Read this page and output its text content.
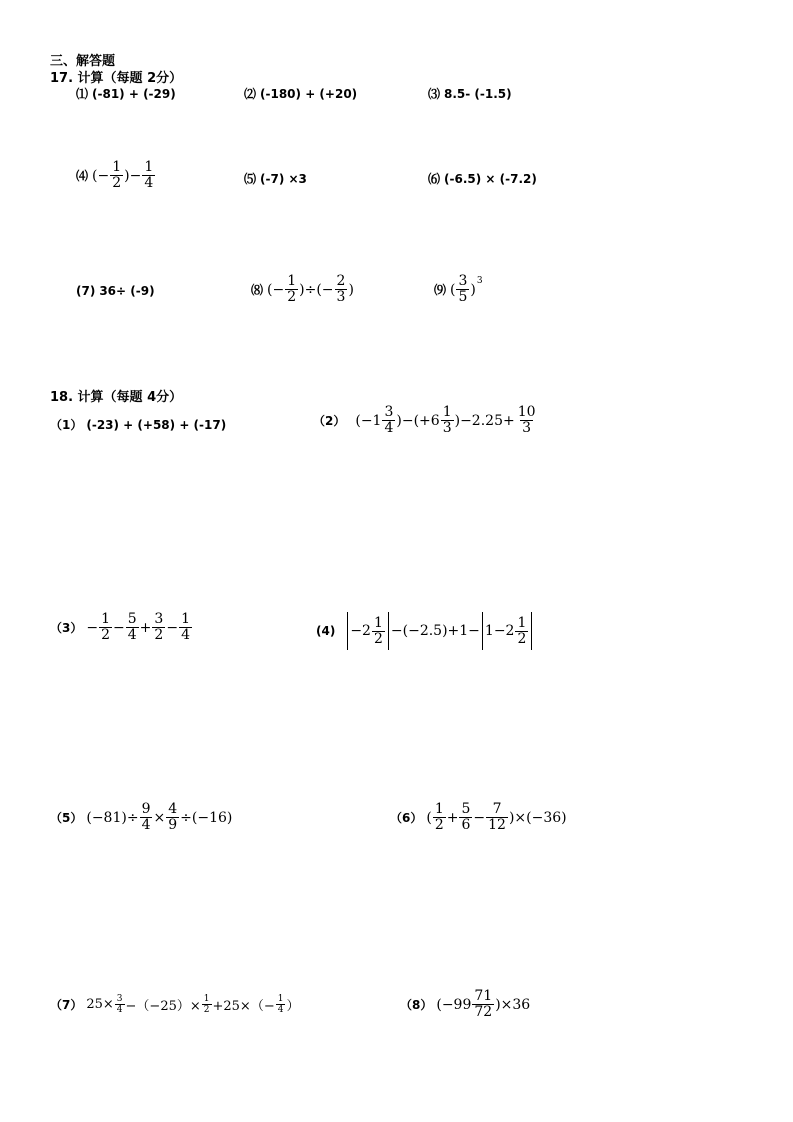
三、解答题
17. 计算（每题 2分）
⑴ (-81) + (-29)	⑵ (-180) + (+20)	⑶ 8.5- (-1.5)
⑷ (− $\frac{1}{2}$ )− $\frac{1}{4}$	⑸ (-7) ×3	⑹ (-6.5) × (-7.2)
(7) 36÷ (-9)	⑻ (− $\frac{1}{2}$ )÷(− $\frac{2}{3}$ )	⑼ ( $\frac{3}{5}$ )
3
18. 计算（每题 4分）
（1） (-23) + (+58) + (-17)	（2） $(-1 \frac{3}{4} )-(+6 \frac{1}{3} )-2.25+ \frac{10}{3}$
$(3) - \frac{1}{2} - \frac{5}{4} + \frac{3}{2} - \frac{1}{4}$	$(4) -2 \frac{1}{2} -(-2.5)+1- 1-2 \frac{1}{2}$
（5） $(-81)\div \frac{9}{4} \times \frac{4}{9} \div(-16)$	（6） ( $\frac{1}{2} + \frac{5}{6} - \frac{7}{12} )\times(-36)$
（7） $25\times \frac{3}{4} -(-25)\times \frac{1}{2} +25\times(- \frac{1}{4}$ ）	（8） $(-99 \frac{71}{72} )\times 36$
